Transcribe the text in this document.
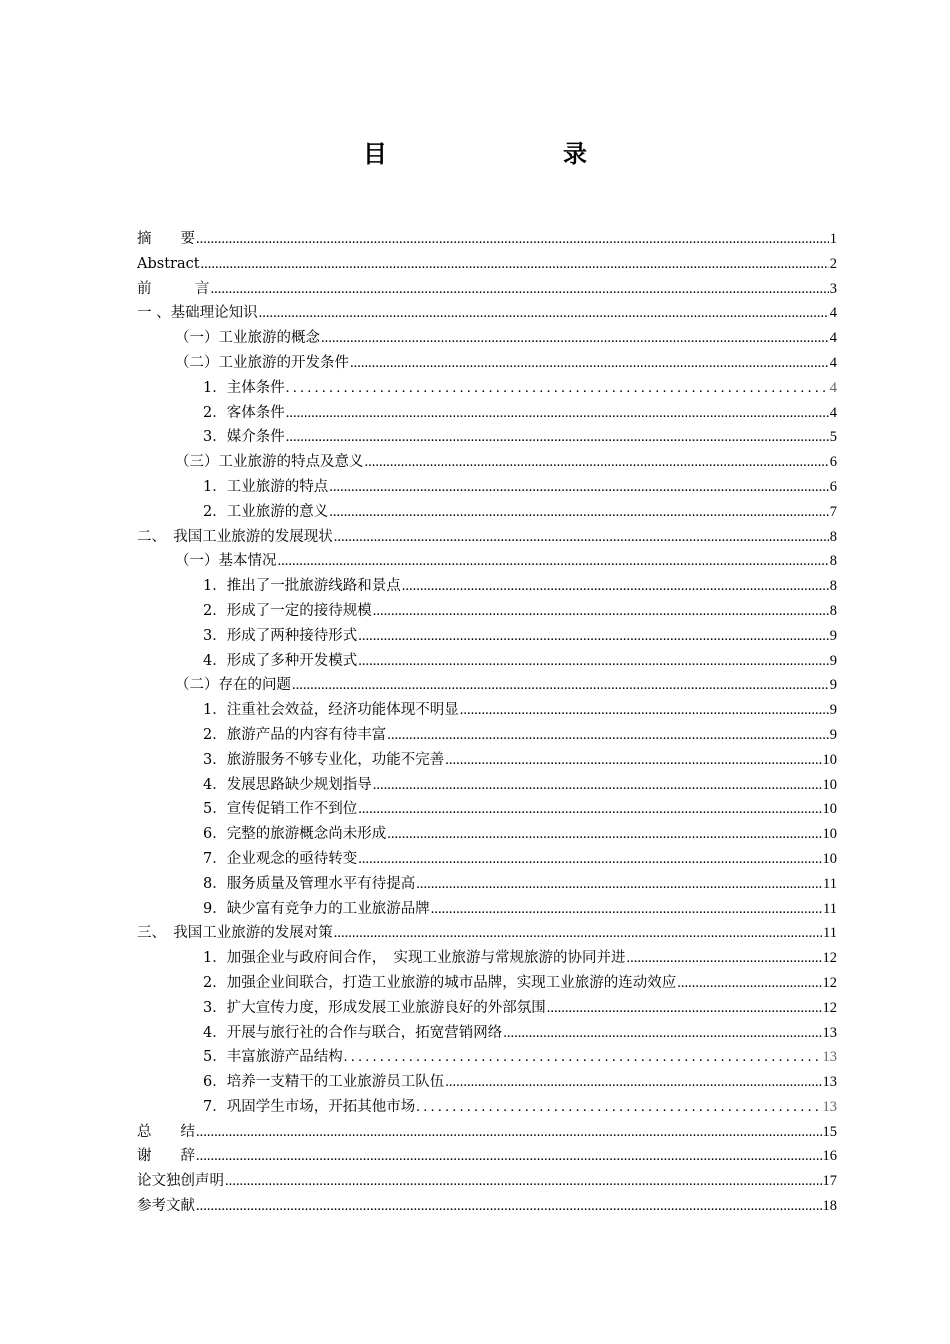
目　录
摘　　要 .....	1
Abstract .....	2
前　　　言 .....	3
一 、基础理论知识 .....	4
（一）工业旅游的概念 .....	4
（二）工业旅游的开发条件 .....	4
1．主体条件 . . .	4
2．客体条件 .....	4
3．媒介条件 .....	5
（三）工业旅游的特点及意义 .....	6
1．工业旅游的特点 .....	6
2．工业旅游的意义 .....	7
二、　我国工业旅游的发展现状 .....	8
（一）基本情况 .....	8
1．推出了一批旅游线路和景点 .....	8
2．形成了一定的接待规模 .....	8
3．形成了两种接待形式 .....	9
4．形成了多种开发模式 .....	9
（二）存在的问题 .....	9
1．注重社会效益，经济功能体现不明显 .....	9
2．旅游产品的内容有待丰富 .....	9
3．旅游服务不够专业化，功能不完善 .....	10
4．发展思路缺少规划指导 .....	10
5．宣传促销工作不到位 .....	10
6．完整的旅游概念尚未形成 .....	10
7．企业观念的亟待转变 .....	10
8．服务质量及管理水平有待提高 .....	11
9．缺少富有竞争力的工业旅游品牌 .....	11
三、　我国工业旅游的发展对策 .....	11
1．加强企业与政府间合作，　实现工业旅游与常规旅游的协同并进 .....	12
2．加强企业间联合，打造工业旅游的城市品牌，实现工业旅游的连动效应 .....	12
3．扩大宣传力度，形成发展工业旅游良好的外部氛围 .....	12
4．开展与旅行社的合作与联合，拓宽营销网络 .....	13
5．丰富旅游产品结构 . . .	13
6．培养一支精干的工业旅游员工队伍 .....	13
7．巩固学生市场，开拓其他市场 . . .	13
总　　结 .....	15
谢　　辞 .....	16
论文独创声明 .....	17
参考文献 .....	18
